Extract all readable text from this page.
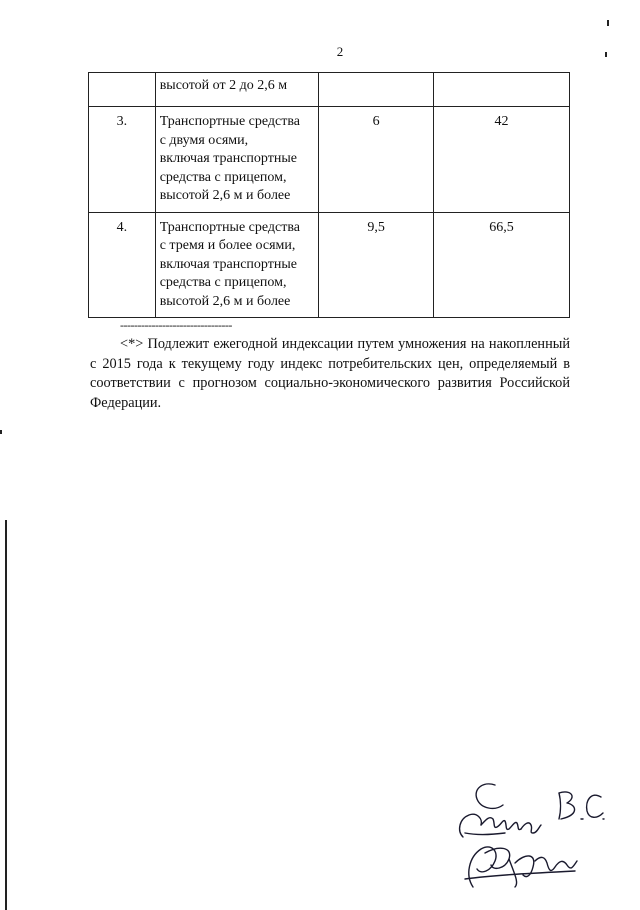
2

	высотой от 2 до 2,6 м		

3.	Транспортные средства
с двумя осями,
включая транспортные
средства с прицепом,
высотой 2,6 м и более	6	42
4.	Транспортные средства
с тремя и более осями,
включая транспортные
средства с прицепом,
высотой 2,6 м и более	9,5	66,5
--------------------------------
<*> Подлежит ежегодной индексации путем умножения на накопленный с 2015 года к текущему году индекс потребительских цен, определяемый в соответствии с прогнозом социально-экономического развития Российской Федерации.
